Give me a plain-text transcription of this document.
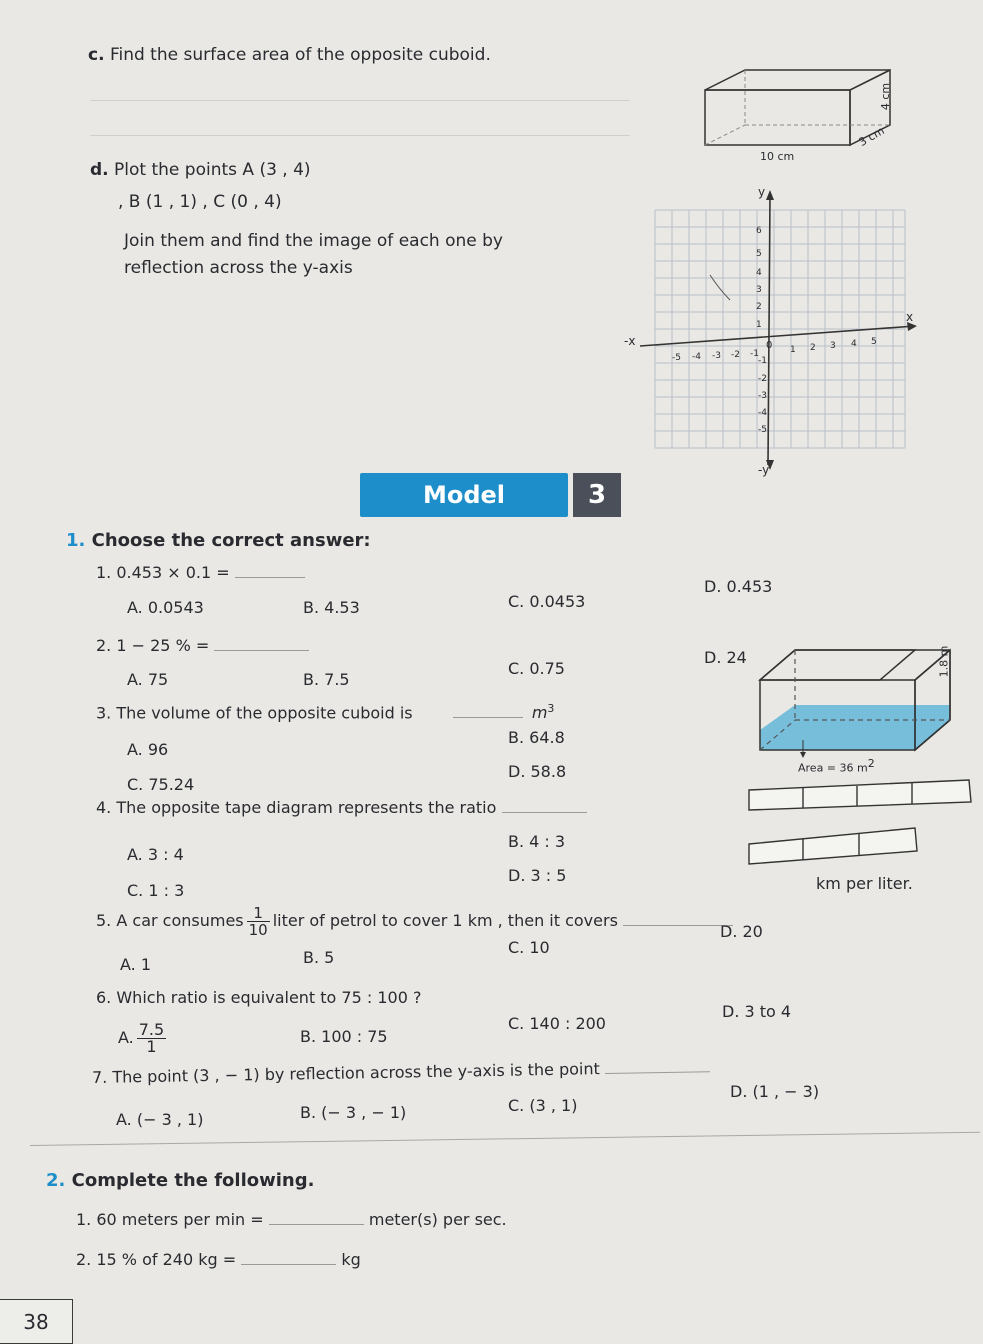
c. Find the surface area of the opposite cuboid.
10 cm
3 cm
4 cm
d. Plot the points A (3 , 4)
, B (1 , 1) , C (0 , 4)
Join them and find the image of each one by
reflection across the y-axis
y
-y
x
-x	0
-5 -4 -3 -2 -1	1 2 3 4 5
6
5
4
3
2
1
-1
-2
-3
-4
-5
Model	3
1. Choose the correct answer:
1. 0.453 × 0.1 =
A. 0.0543	B. 4.53	C. 0.0453
D. 0.453
2. 1 − 25 % =
A. 75	B. 7.5
C. 0.75
D. 24	1.8 m
Area = 36 $m^2$
3. The volume of the opposite cuboid is	$m^3$
A. 96
B. 64.8
C. 75.24
D. 58.8
4. The opposite tape diagram represents the ratio
A. 3 : 4
B. 4 : 3
C. 1 : 3
D. 3 : 5
5. A car consumes $\frac{1}{10}$ liter of petrol to cover 1 km , then it covers
km per liter.
A. 1	B. 5
C. 10
D. 20
6. Which ratio is equivalent to 75 : 100 ?
A. $\frac{7.5}{1}$	B. 100 : 75
C. 140 : 200
D. 3 to 4
7. The point (3 , − 1) by reflection across the y-axis is the point
A. (− 3 , 1)	B. (− 3 , − 1)	C. (3 , 1)
D. (1 , − 3)
2. Complete the following.
1. 60 meters per min =	meter(s) per sec.
2. 15 % of 240 kg =	kg
38
